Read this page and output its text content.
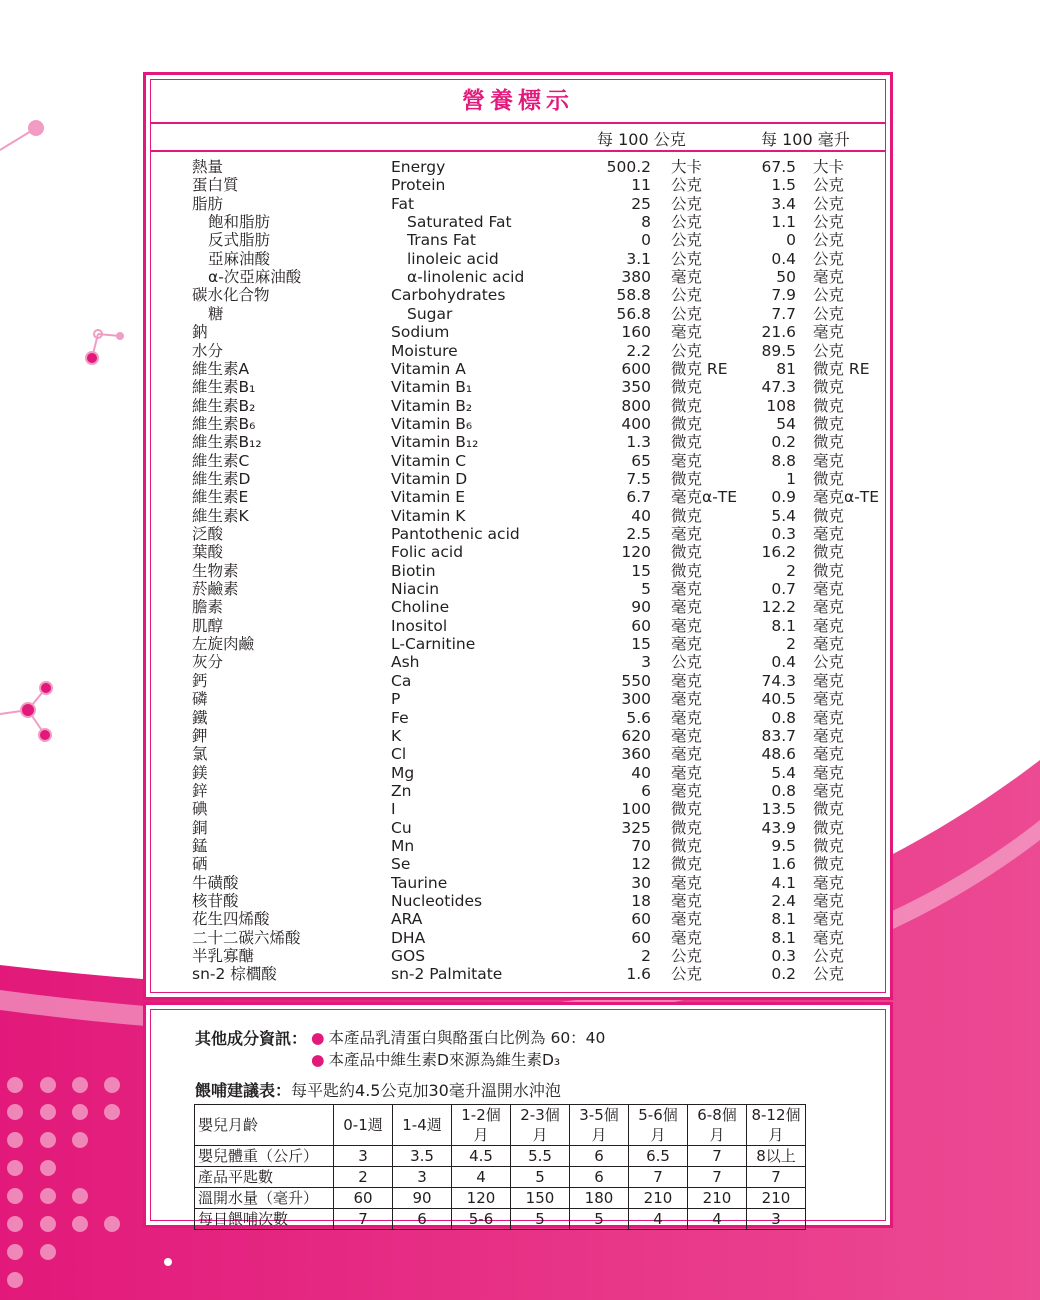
營養標示
每 100 公克	每 100 毫升
熱量	Energy	500.2 大卡	67.5 大卡
蛋白質	Protein	11 公克	1.5 公克
脂肪	Fat	25 公克	3.4 公克
飽和脂肪	Saturated Fat	8 公克	1.1 公克
反式脂肪	Trans Fat	0 公克	0 公克
亞麻油酸	linoleic acid	3.1 公克	0.4 公克
α-次亞麻油酸	α-linolenic acid	380 毫克	50 毫克
碳水化合物	Carbohydrates	58.8 公克	7.9 公克
糖	Sugar	56.8 公克	7.7 公克
鈉	Sodium	160 毫克	21.6 毫克
水分	Moisture	2.2 公克	89.5 公克
維生素A	Vitamin A	600 微克 RE	81 微克 RE
維生素B₁	Vitamin B₁	350 微克	47.3 微克
維生素B₂	Vitamin B₂	800 微克	108 微克
維生素B₆	Vitamin B₆	400 微克	54 微克
維生素B₁₂	Vitamin B₁₂	1.3 微克	0.2 微克
維生素C	Vitamin C	65 毫克	8.8 毫克
維生素D	Vitamin D	7.5 微克	1 微克
維生素E	Vitamin E	6.7 毫克α-TE	0.9 毫克α-TE
維生素K	Vitamin K	40 微克	5.4 微克
泛酸	Pantothenic acid	2.5 毫克	0.3 毫克
葉酸	Folic acid	120 微克	16.2 微克
生物素	Biotin	15 微克	2 微克
菸鹼素	Niacin	5 毫克	0.7 毫克
膽素	Choline	90 毫克	12.2 毫克
肌醇	Inositol	60 毫克	8.1 毫克
左旋肉鹼	L-Carnitine	15 毫克	2 毫克
灰分	Ash	3 公克	0.4 公克
鈣	Ca	550 毫克	74.3 毫克
磷	P	300 毫克	40.5 毫克
鐵	Fe	5.6 毫克	0.8 毫克
鉀	K	620 毫克	83.7 毫克
氯	Cl	360 毫克	48.6 毫克
鎂	Mg	40 毫克	5.4 毫克
鋅	Zn	6 毫克	0.8 毫克
碘	I	100 微克	13.5 微克
銅	Cu	325 微克	43.9 微克
錳	Mn	70 微克	9.5 微克
硒	Se	12 微克	1.6 微克
牛磺酸	Taurine	30 毫克	4.1 毫克
核苷酸	Nucleotides	18 毫克	2.4 毫克
花生四烯酸	ARA	60 毫克	8.1 毫克
二十二碳六烯酸	DHA	60 毫克	8.1 毫克
半乳寡醣	GOS	2 公克	0.3 公克
sn-2 棕櫚酸	sn-2 Palmitate	1.6 公克	0.2 公克
其他成分資訊： ● 本產品乳清蛋白與酪蛋白比例為 60：40
● 本產品中維生素D來源為維生素D₃
餵哺建議表：每平匙約4.5公克加30毫升溫開水沖泡
嬰兒月齡	0-1週	1-4週	1-2個月	2-3個月	3-5個月	5-6個月	6-8個月	8-12個月
嬰兒體重（公斤）	3	3.5	4.5	5.5	6	6.5	7	8以上
產品平匙數	2	3	4	5	6	7	7	7
溫開水量（毫升）	60	90	120	150	180	210	210	210
每日餵哺次數	7	6	5-6	5	5	4	4	3
